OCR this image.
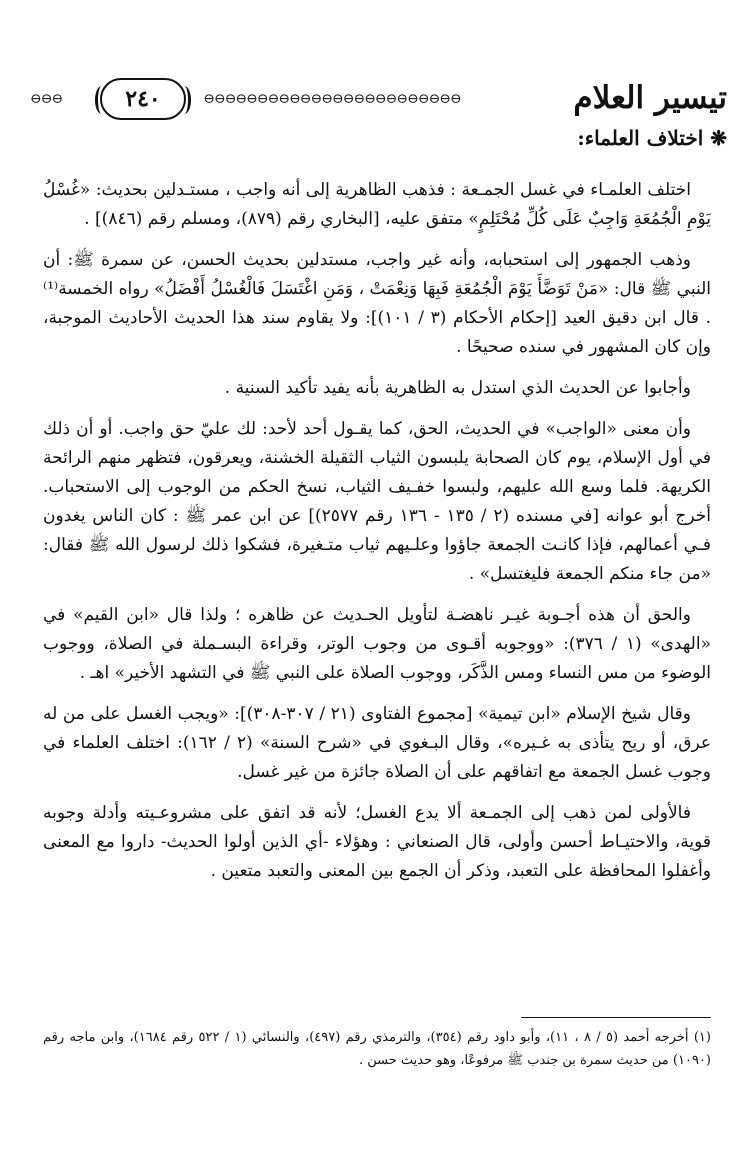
تيسير العلام
⊖⊖⊖⊖⊖⊖⊖⊖⊖⊖⊖⊖⊖⊖⊖⊖⊖⊖⊖⊖⊖⊖⊖⊖
٢٤٠
⊖⊖⊖
❋ اختلاف العلماء:

اختلف العلمـاء في غسل الجمـعة : فذهب الظاهرية إلى أنه واجب ، مستـدلين بحديث: «غُسْلُ يَوْمِ الْجُمُعَةِ وَاجِبٌ عَلَى كُلِّ مُحْتَلِمٍ» متفق عليه، [البخاري رقم (٨٧٩)، ومسلم رقم (٨٤٦)] .

وذهب الجمهور إلى استحبابه، وأنه غير واجب، مستدلين بحديث الحسن، عن سمرة ﷺ: أن النبي ﷺ قال: «مَنْ تَوَضَّأَ يَوْمَ الْجُمُعَةِ فَبِهَا وَنِعْمَتْ ، وَمَنِ اغْتَسَلَ فَالْغُسْلُ أَفْضَلُ» رواه الخمسة⁽¹⁾ . قال ابن دقيق العيد [إحكام الأحكام (٣ / ١٠١)]: ولا يقاوم سند هذا الحديث الأحاديث الموجبة، وإن كان المشهور في سنده صحيحًا .

وأجابوا عن الحديث الذي استدل به الظاهرية بأنه يفيد تأكيد السنية .

وأن معنى «الواجب» في الحديث، الحق، كما يقـول أحد لأحد: لك عليّ حق واجب. أو أن ذلك في أول الإسلام، يوم كان الصحابة يلبسون الثياب الثقيلة الخشنة، ويعرقون، فتظهر منهم الرائحة الكريهة. فلما وسع الله عليهم، ولبسوا خفـيف الثياب، نسخ الحكم من الوجوب إلى الاستحباب. أخرج أبو عوانه [في مسنده (٢ / ١٣٥ - ١٣٦ رقم ٢٥٧٧)] عن ابن عمر ﷺ : كان الناس يغدون فـي أعمالهم، فإذا كانـت الجمعة جاؤوا وعلـيهم ثياب متـغيرة، فشكوا ذلك لرسول الله ﷺ فقال: «من جاء منكم الجمعة فليغتسل» .

والحق أن هذه أجـوبة غيـر ناهضـة لتأويل الحـديث عن ظاهره ؛ ولذا قال «ابن القيم» في «الهدى» (١ / ٣٧٦): «ووجوبه أقـوى من وجوب الوتر، وقراءة البسـملة في الصلاة، ووجوب الوضوء من مس النساء ومس الذَّكَر، ووجوب الصلاة على النبي ﷺ في التشهد الأخير» اهـ .

وقال شيخ الإسلام «ابن تيمية» [مجموع الفتاوى (٢١ / ٣٠٧-٣٠٨)]: «ويجب الغسل على من له عرق، أو ريح يتأذى به غـيره»، وقال البـغوي في «شرح السنة» (٢ / ١٦٢): اختلف العلماء في وجوب غسل الجمعة مع اتفاقهم على أن الصلاة جائزة من غير غسل.

فالأولى لمن ذهب إلى الجمـعة ألا يدع الغسل؛ لأنه قد اتفق على مشروعـيته وأدلة وجوبه قوية، والاحتيـاط أحسن وأولى، قال الصنعاني : وهؤلاء -أي الذين أولوا الحديث- داروا مع المعنى وأغفلوا المحافظة على التعبد، وذكر أن الجمع بين المعنى والتعبد متعين .

(١) أخرجه أحمد (٥ / ٨ ، ١١)، وأبو داود رقم (٣٥٤)، والترمذي رقم (٤٩٧)، والنسائي (١ / ٥٢٢ رقم ١٦٨٤)، وابن ماجه رقم (١٠٩٠) من حديث سمرة بن جندب ﷺ مرفوعًا، وهو حديث حسن .
